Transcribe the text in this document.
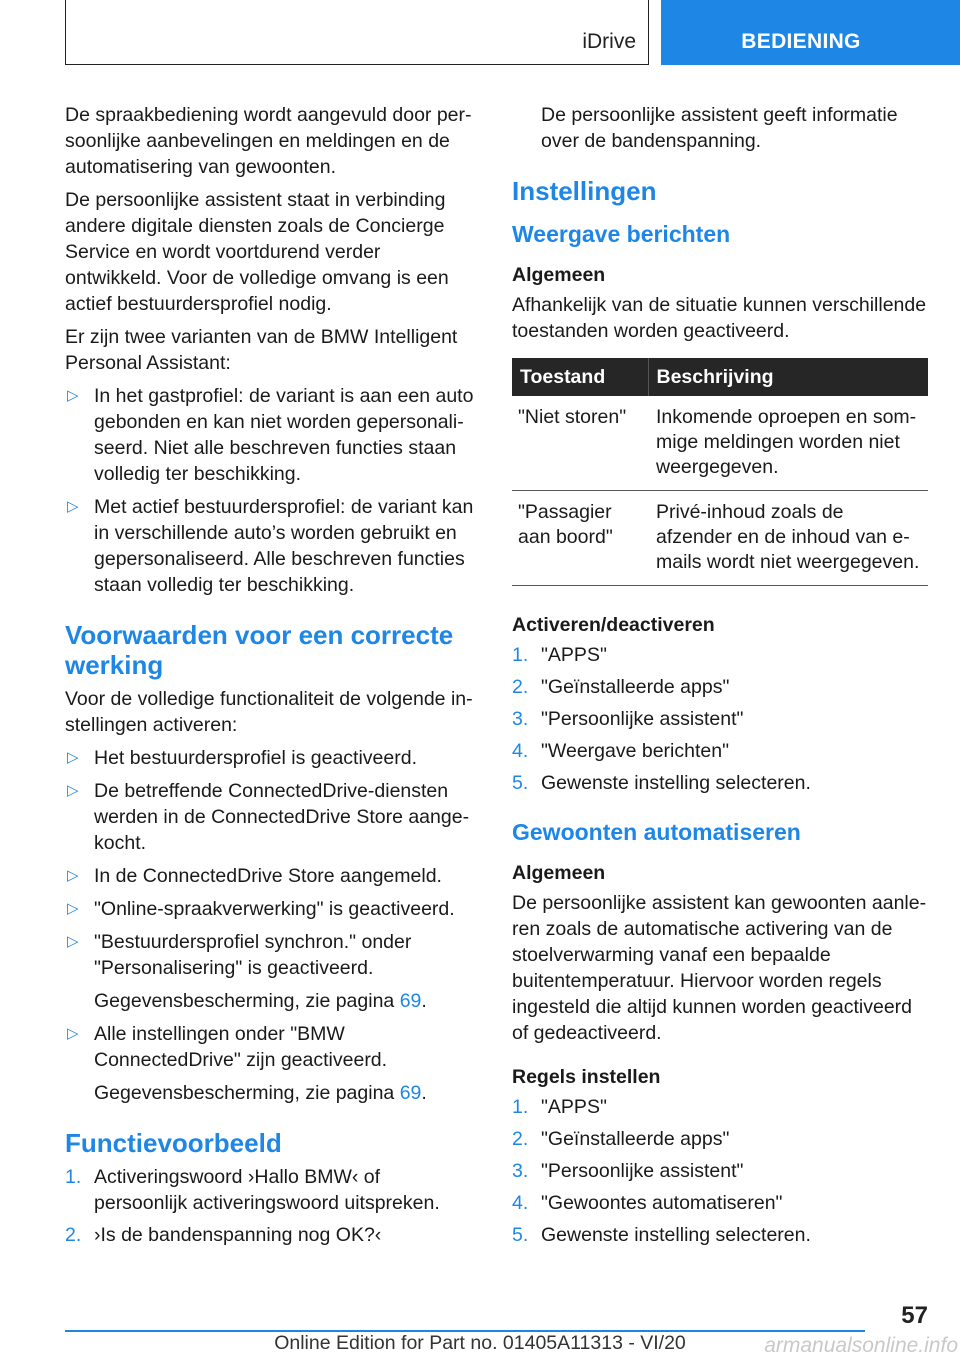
iDrive	BEDIENING

De spraakbediening wordt aangevuld door persoonlijke aanbevelingen en meldingen en de automatisering van gewoonten.

De persoonlijke assistent staat in verbinding andere digitale diensten zoals de Concierge Service en wordt voortdurend verder ontwikkeld. Voor de volledige omvang is een actief bestuurdersprofiel nodig.

Er zijn twee varianten van de BMW Intelligent Personal Assistant:

▷ In het gastprofiel: de variant is aan een auto gebonden en kan niet worden gepersonaliseerd. Niet alle beschreven functies staan volledig ter beschikking.
▷ Met actief bestuurdersprofiel: de variant kan in verschillende auto’s worden gebruikt en gepersonaliseerd. Alle beschreven functies staan volledig ter beschikking.
Voorwaarden voor een correcte werking

Voor de volledige functionaliteit de volgende instellingen activeren:

▷ Het bestuurdersprofiel is geactiveerd.
▷ De betreffende ConnectedDrive-diensten werden in de ConnectedDrive Store aangekocht.
▷ In de ConnectedDrive Store aangemeld.
▷ "Online-spraakverwerking" is geactiveerd.
▷ "Bestuurdersprofiel synchron." onder "Personalisering" is geactiveerd.
Gegevensbescherming, zie pagina 69.
▷ Alle instellingen onder "BMW ConnectedDrive" zijn geactiveerd.
Gegevensbescherming, zie pagina 69.
Functievoorbeeld
1. Activeringswoord ›Hallo BMW‹ of persoonlijk activeringswoord uitspreken.
2. ›Is de bandenspanning nog OK?‹

De persoonlijke assistent geeft informatie over de bandenspanning.

Instellingen
Weergave berichten
Algemeen

Afhankelijk van de situatie kunnen verschillende toestanden worden geactiveerd.

Toestand	Beschrijving
"Niet storen"	Inkomende oproepen en sommige meldingen worden niet weergegeven.
"Passagier aan boord"	Privé-inhoud zoals de afzender en de inhoud van e-mails wordt niet weergegeven.
Activeren/deactiveren
1. "APPS"
2. "Geïnstalleerde apps"
3. "Persoonlijke assistent"
4. "Weergave berichten"
5. Gewenste instelling selecteren.
Gewoonten automatiseren
Algemeen

De persoonlijke assistent kan gewoonten aanleren zoals de automatische activering van de stoelverwarming vanaf een bepaalde buitentemperatuur. Hiervoor worden regels ingesteld die altijd kunnen worden geactiveerd of gedeactiveerd.

Regels instellen
1. "APPS"
2. "Geïnstalleerde apps"
3. "Persoonlijke assistent"
4. "Gewoontes automatiseren"
5. Gewenste instelling selecteren.
57
Online Edition for Part no. 01405A11313 - VI/20	armanualsonline.info
